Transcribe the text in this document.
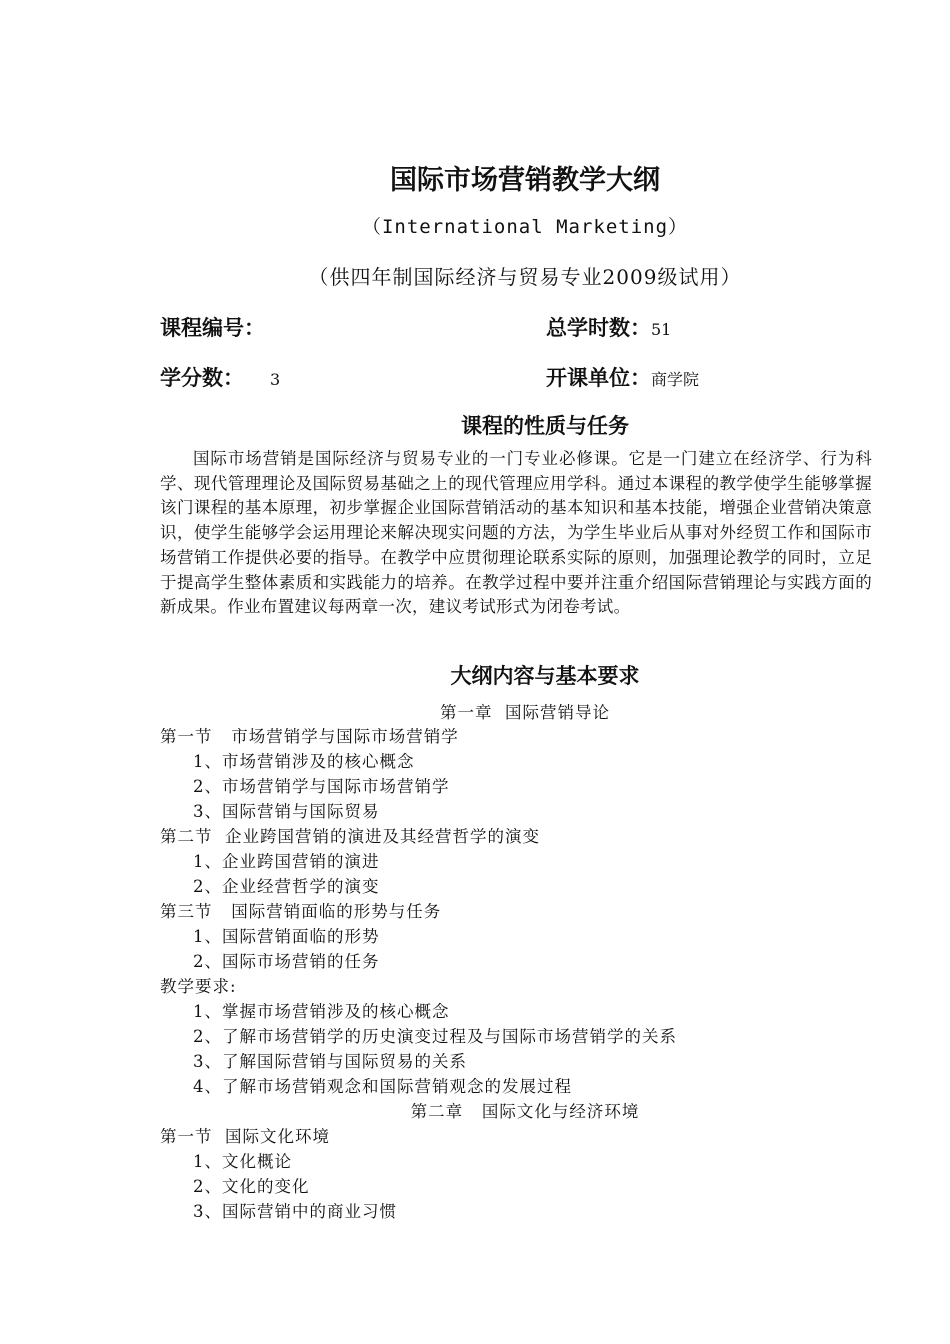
国际市场营销教学大纲
（International Marketing）
（供四年制国际经济与贸易专业2009级试用）
课程编号：	总学时数：51
学分数： 3	开课单位：商学院
课程的性质与任务
国际市场营销是国际经济与贸易专业的一门专业必修课。它是一门建立在经济学、行为科学、现代管理理论及国际贸易基础之上的现代管理应用学科。通过本课程的教学使学生能够掌握该门课程的基本原理，初步掌握企业国际营销活动的基本知识和基本技能，增强企业营销决策意识，使学生能够学会运用理论来解决现实问题的方法，为学生毕业后从事对外经贸工作和国际市场营销工作提供必要的指导。在教学中应贯彻理论联系实际的原则，加强理论教学的同时，立足于提高学生整体素质和实践能力的培养。在教学过程中要并注重介绍国际营销理论与实践方面的新成果。作业布置建议每两章一次，建议考试形式为闭卷考试。
大纲内容与基本要求
第一章  国际营销导论
第一节   市场营销学与国际市场营销学
1、市场营销涉及的核心概念
2、市场营销学与国际市场营销学
3、国际营销与国际贸易
第二节  企业跨国营销的演进及其经营哲学的演变
1、企业跨国营销的演进
2、企业经营哲学的演变
第三节   国际营销面临的形势与任务
1、国际营销面临的形势
2、国际市场营销的任务
教学要求:
1、掌握市场营销涉及的核心概念
2、了解市场营销学的历史演变过程及与国际市场营销学的关系
3、了解国际营销与国际贸易的关系
4、了解市场营销观念和国际营销观念的发展过程
第二章   国际文化与经济环境
第一节  国际文化环境
1、文化概论
2、文化的变化
3、国际营销中的商业习惯
